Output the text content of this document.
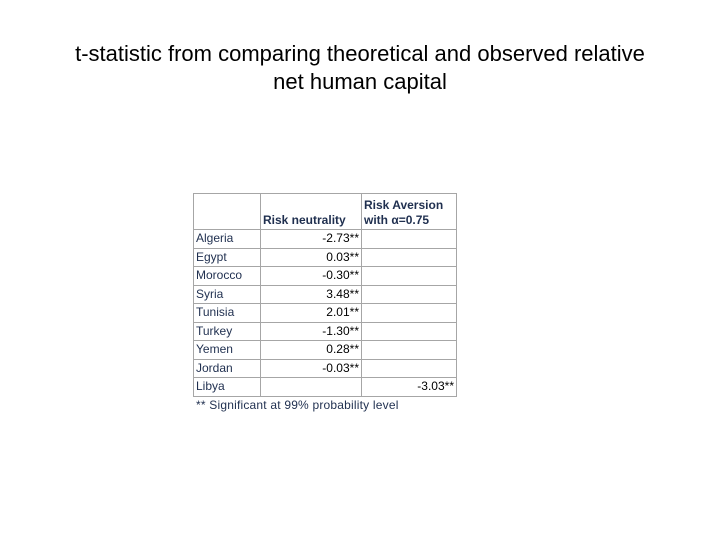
t-statistic from comparing theoretical and observed relative
net human capital
	Risk neutrality	Risk Aversion
with α=0.75

Algeria	-2.73**	
Egypt	0.03**	
Morocco	-0.30**	
Syria	3.48**	
Tunisia	2.01**	
Turkey	-1.30**	
Yemen	0.28**	
Jordan	-0.03**	
Libya		-3.03**
** Significant at 99% probability level
